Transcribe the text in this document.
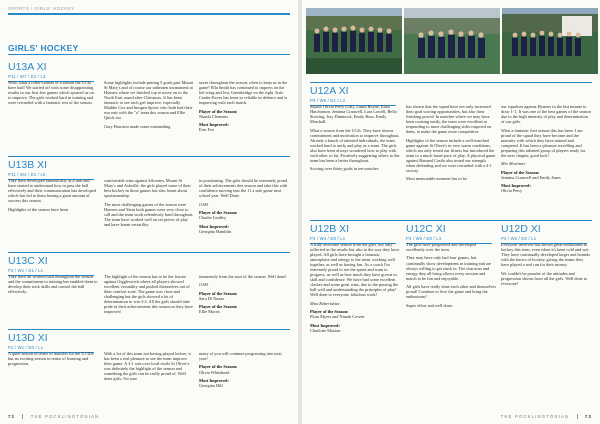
SPORTS / GIRLS' HOCKEY
GIRLS' HOCKEY
U13A XI
P11 / W7 / D1 / L3

Wow, what a roller-coaster of a season the U13a have had! We started off with some disappointing results in our first few games which spurred us on to improve. The girls worked hard in training and were rewarded with a fantastic rest of the season.

Some highlights include putting 5 goals past Mount St Mary's and of course our unbeaten tournament at Hymers where we finished top to move on to the North East round after Christmas. It has been fantastic to see each girl improve, especially Maddie Cox and Imogen Spicer who both had their run outs with the "a" team this season and Ellie Quick too.

Gary Harrison made some outstanding

saves throughout the season, often to keep us in the game! Ella Smith has continued to impress on the left wing and Jess Greenbridge on the right. Issie Carder-Eaves has been so reliable in defence and is improving with each match.

Player of the Season:
Niamh Clements

Most Improved:
Erin Fox

U13B XI
P11 / W4 / D1 / L6

They have developed fantastically as a unit and have started to understand how to pass the ball effectively and their communication has developed which has led to them having a great amount of success this season.

Highlights of the season have been

comfortable wins against Silcoates, Mount St Mary's and Ashville: the girls played some of their best hockey in those games but also learnt about sportsmanship.

The most challenging games of the season were Hymers and Yarm both games were very close to call and the team work relentlessly hard throughout. The team have worked well on set pieces of play and have learnt versatility

in positioning. The girls should be extremely proud of their achievements this season and take this with confidence moving into the 11 a side game next school year. Well Done.

GAH

Player of the Season:
Charlie Lindley

Most Improved:
Georgina Hamblin

U13C XI
P3 / W1 / D1 / L1

They have all worked hard throughout the season and the commitment to training has enabled them to develop their stick skills and control the ball effectively.

The highlight of the season has to be the fixture against Giggleswick where all players showed excellent versatility and pushed themselves out of their comfort zone. The game was close and challenging but the girls showed a lot of determination to win 3-2. All the girls should take pride in their achievements this season as they have improved

immensely from the start of the season. Well done!

GAH

Player of the Season:
Sara Di Nuzzo

Player of the Season:
Ellie Morris

U13D XI
P2 / W1 / D0 / L1

A quiet season in terms of matches for the U13Ds but an exciting season in terms of learning and progression.

With a lot of this team not having played before, it has been a real pleasure to see the team improve their game. A 3-1 win over local rivals St Oliver's was definitely the highlight of the season and something the girls can be really proud of. Well done girls, I'm sure

many of you will continue progressing into next year!

Player of the Season:
Olivia Whitehead

Most Improved:
Georgina Hill

72	THE POCKLINGTONIAN
U12A XI
P9 / W6 / D1 / L2

Squad: Olivia Perry (GK), Laura Boyde, Eliza Hutchinson, Jemima Cranwell, Lara Lowell, Bella Stowing, Issy Dimmock, Emily Ross, Emily Marshall.

What a season from the U12s. They have shown commitment and motivation to improve throughout. Already a bunch of talented individuals, the team worked hard to unify and play as a team. The girls also have been always wondered how to play with each other so far. Positively suggesting others to the team has been a better throughout.

Scoring over thirty goals in ten matches

has shown that the squad have not only increased their goal scoring opportunities, but also their finishing power! In matches where we may have been cruising easily, the team were excellent at responding to more challenging sides imposed on them, to make the game more competitive.

Highlights of the season include a well-matched game against St Olave's in very warm conditions, which not only tested our fitness but introduced the team to a much faster pace of play. A physical game against Barnard Castle also tested our strength when defending and we were rewarded with a 4-1 victory.

Most memorable moment has to be

our equaliser against Hymers in the last minute to draw 1-1. It was one of the best games of the season due to the high intensity of play and determination of our girls.

What a fantastic first season this has been. I am proud of the squad they have become and the maturity with which they have trained and competed. It has been a pleasure travelling and preparing this talented group of players ready for the next chapter, good luck!

Mrs Mortimer

Player of the Season:
Jemima Cranwell and Emily Jones

Most Improved:
Olivia Perry

U12B XI
P3 / W4 / D0 / L1

A truly awesome season from the girls, not only reflected in the results but also in the way they have played. All girls have brought a fantastic atmosphere and energy to the team, working well together, as well as having fun. As a coach I'm extremely proud to see the speed and want to progress, as well as how much they have grown in skill and confidence. We have had some excellent clashes and some great wins, due to the passing the ball well and understanding the principles of play! Well done to everyone, fabulous work!

Miss Robertshaw

Player of the Season:
Flora Myers and Niamh Cowen

Most Improved:
Charlotte Maxton

U12C XI
P3 / W0 / D0 / L3

The girls have progressed and developed excellently over the term.

They may have only had four games, but continually show development in training and are always willing to get stuck in. The character and energy they all bring allows every session and match to be fun and enjoyable.

All girls have really done each other and themselves proud! Continue to love the game and bring the enthusiasm!

Super effort and well done.

U12D XI
P3 / W2 / D0 / L1

Everyone involved has shown great enthusiasm to hockey this term, even when it's been cold and wet. They have continually developed larger and bounds with the basics of hockey, giving the teams they have played a real run for their money.

We couldn't be prouder of the attitudes and progression shown from all the girls. Well done to everyone!

THE POCKLINGTONIAN	73
